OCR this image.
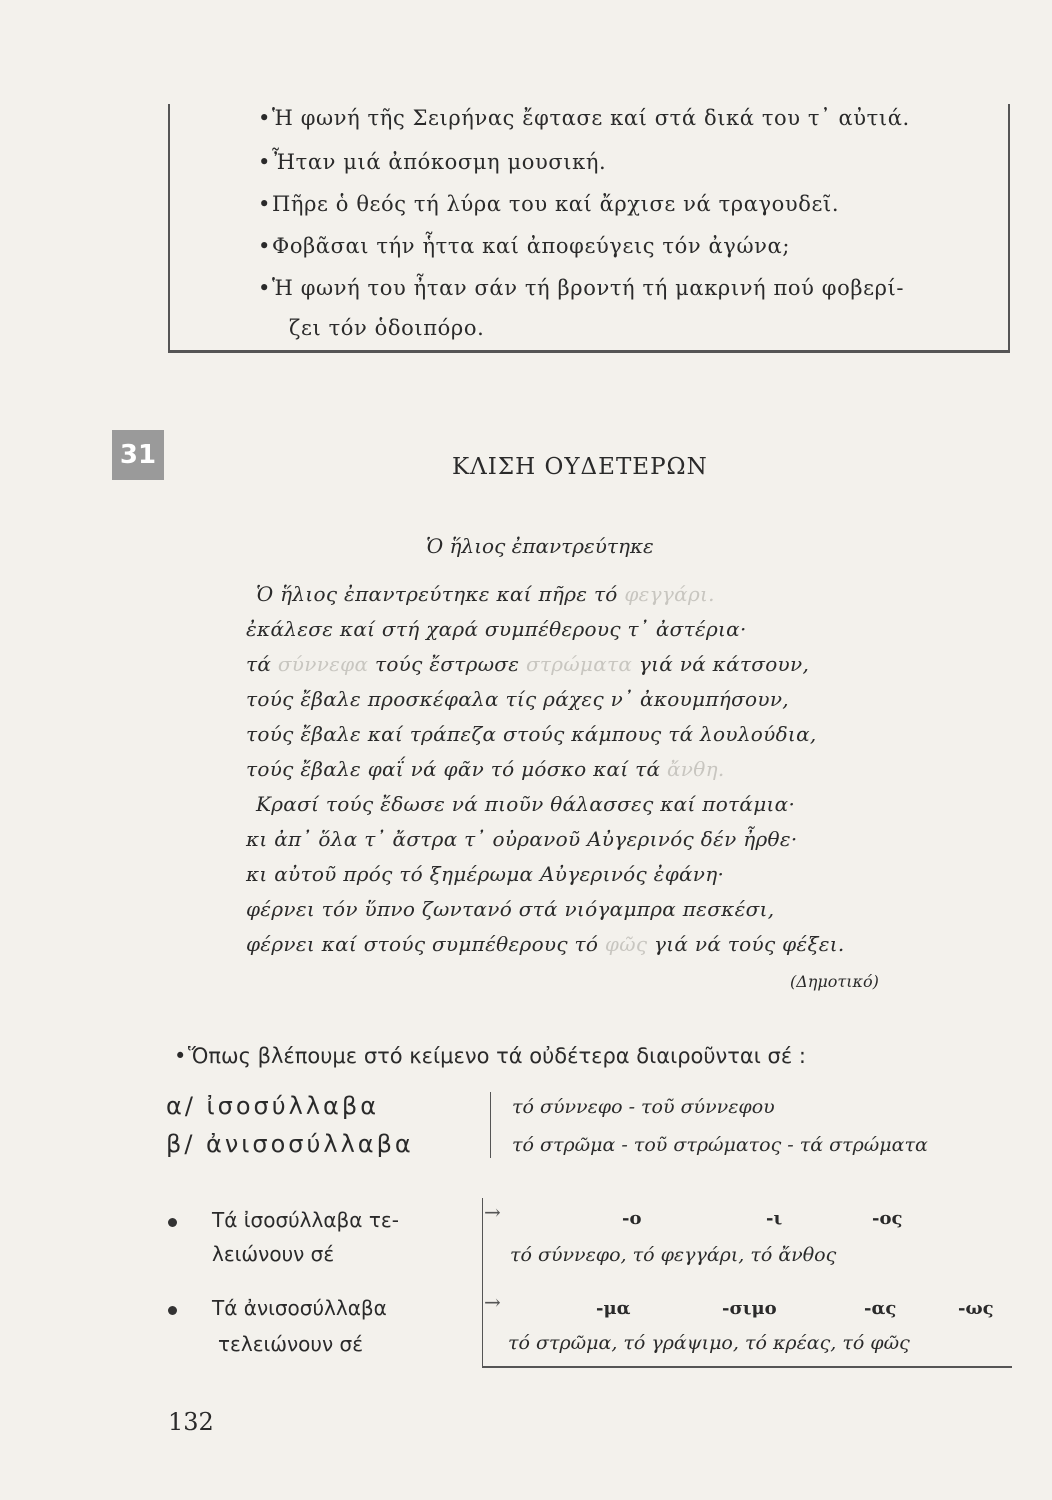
•Ἡ φωνή τῆς Σειρήνας ἔφτασε καί στά δικά του τ᾿ αὐτιά.
•Ἦταν μιά ἀπόκοσμη μουσική.
•Πῆρε ὁ θεός τή λύρα του καί ἄρχισε νά τραγουδεῖ.
•Φοβᾶσαι τήν ἧττα καί ἀποφεύγεις τόν ἀγώνα;
•Ἡ φωνή του ἦταν σάν τή βροντή τή μακρινή πού φοβερί-
ζει τόν ὁδοιπόρο.
31	ΚΛΙΣΗ ΟΥΔΕΤΕΡΩΝ
Ὁ ἥλιος ἐπαντρεύτηκε
Ὁ ἥλιος ἐπαντρεύτηκε καί πῆρε τό φεγγάρι.
ἐκάλεσε καί στή χαρά συμπέθερους τ᾿ ἀστέρια·
τά σύννεφα τούς ἔστρωσε στρώματα γιά νά κάτσουν,
τούς ἔβαλε προσκέφαλα τίς ράχες ν᾿ ἀκουμπήσουν,
τούς ἔβαλε καί τράπεζα στούς κάμπους τά λουλούδια,
τούς ἔβαλε φαΐ νά φᾶν τό μόσκο καί τά ἄνθη.
Κρασί τούς ἔδωσε νά πιοῦν θάλασσες καί ποτάμια·
κι ἀπ᾿ ὅλα τ᾿ ἄστρα τ᾿ οὐρανοῦ Αὐγερινός δέν ἦρθε·
κι αὐτοῦ πρός τό ξημέρωμα Αὐγερινός ἐφάνη·
φέρνει τόν ὕπνο ζωντανό στά νιόγαμπρα πεσκέσι,
φέρνει καί στούς συμπέθερους τό φῶς γιά νά τούς φέξει.
(Δημοτικό)
•Ὅπως βλέπουμε στό κείμενο τά οὐδέτερα διαιροῦνται σέ :
α/ ἰσοσύλλαβα	τό σύννεφο - τοῦ σύννεφου
β/ ἀνισοσύλλαβα	τό στρῶμα - τοῦ στρώματος - τά στρώματα
Τά ἰσοσύλλαβα τε-
λειώνουν σέ
→	-ο	-ι	-ος
τό σύννεφο, τό φεγγάρι, τό ἄνθος
Τά ἀνισοσύλλαβα
τελειώνουν σέ
→	-μα	-σιμο	-ας	-ως
τό στρῶμα, τό γράψιμο, τό κρέας, τό φῶς
132
